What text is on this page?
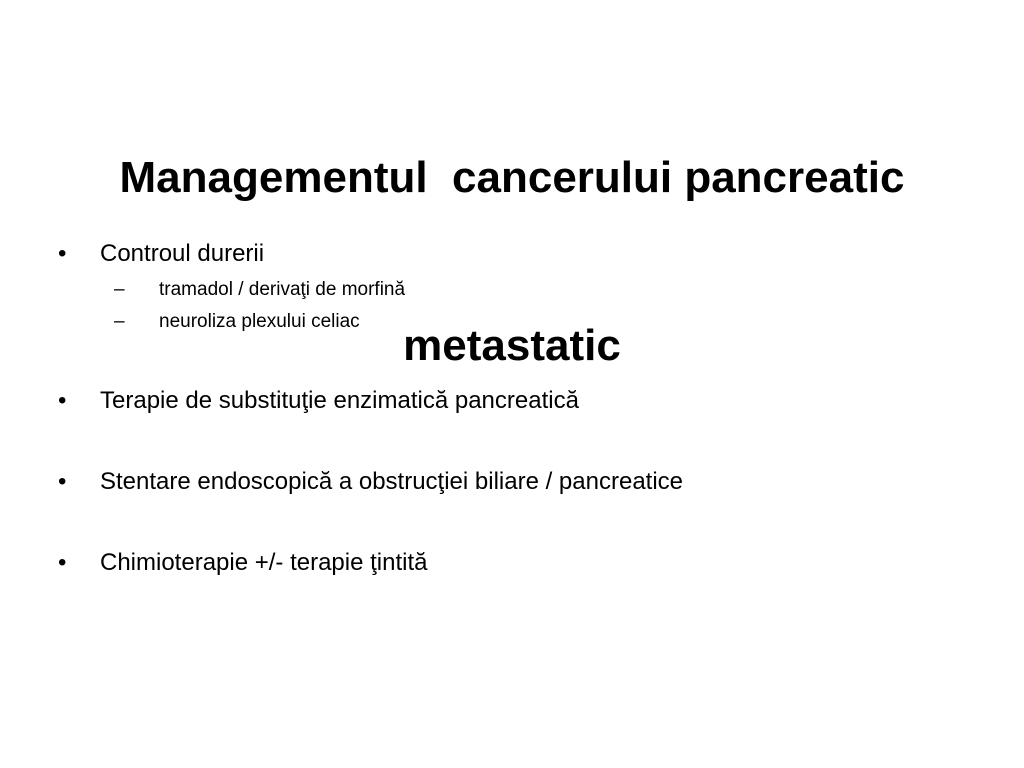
Managementul  cancerului pancreatic

metastatic

•	Controul durerii
– tramadol / derivaţi de morfină
– neuroliza plexului celiac
•	Terapie de substituţie enzimatică pancreatică
•	Stentare endoscopică a obstrucţiei biliare / pancreatice
•	Chimioterapie +/- terapie ţintită
